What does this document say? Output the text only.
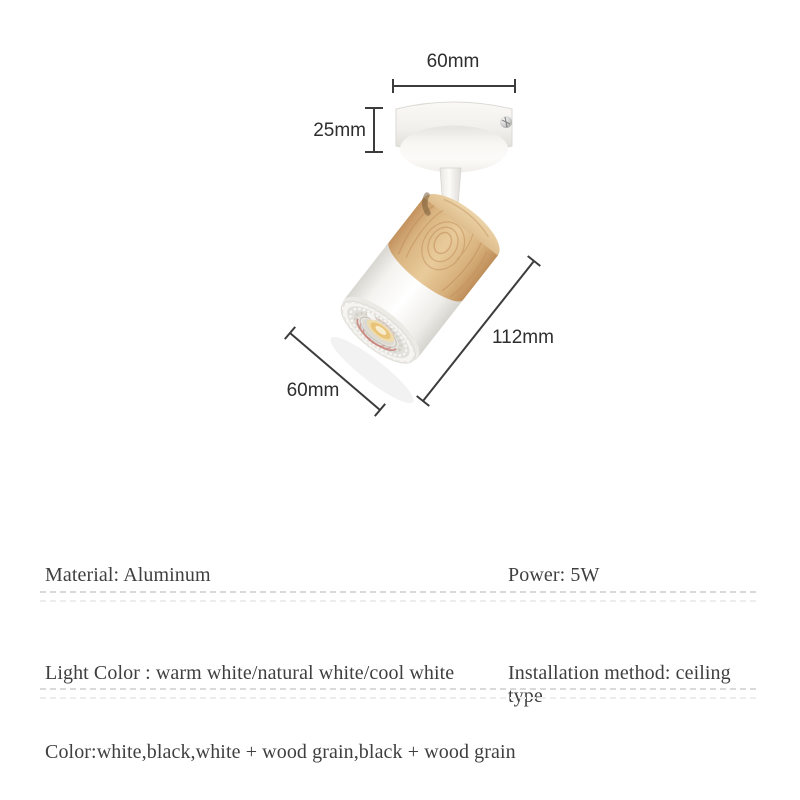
60mm
25mm
112mm
60mm
Material: Aluminum	Power: 5W
Light Color : warm white/natural white/cool white	Installation method: ceiling type
Color:white,black,white + wood grain,black + wood grain
